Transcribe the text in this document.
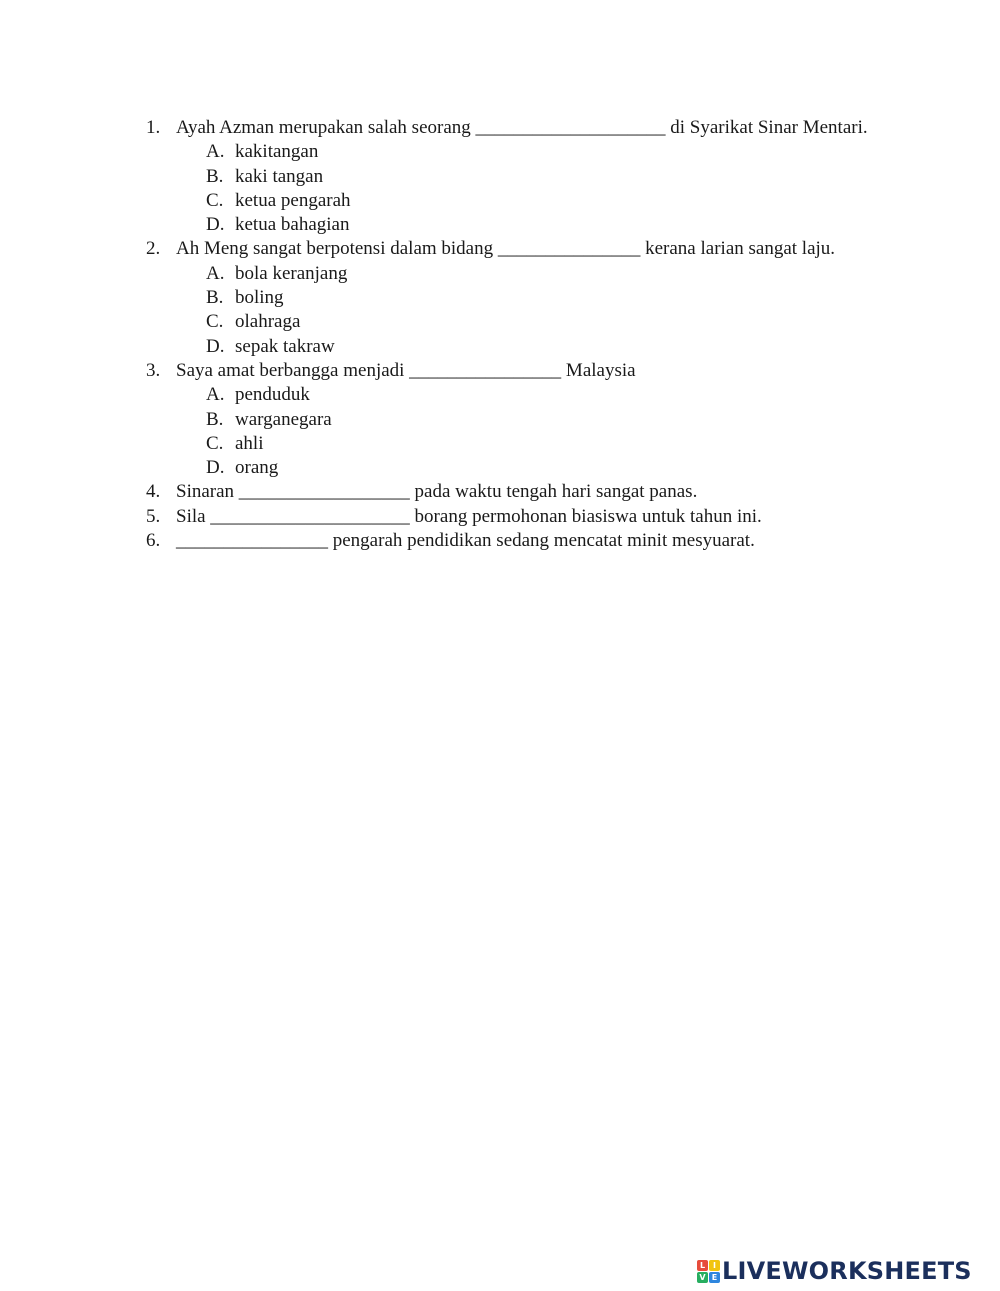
1. Ayah Azman merupakan salah seorang ____________________ di Syarikat Sinar Mentari.
A. kakitangan
B. kaki tangan
C. ketua pengarah
D. ketua bahagian
2. Ah Meng sangat berpotensi dalam bidang _______________ kerana larian sangat laju.
A. bola keranjang
B. boling
C. olahraga
D. sepak takraw
3. Saya amat berbangga menjadi ________________ Malaysia
A. penduduk
B. warganegara
C. ahli
D. orang
4. Sinaran __________________ pada waktu tengah hari sangat panas.
5. Sila _____________________ borang permohonan biasiswa untuk tahun ini.
6. ________________ pengarah pendidikan sedang mencatat minit mesyuarat.
L I
V E LIVEWORKSHEETS
